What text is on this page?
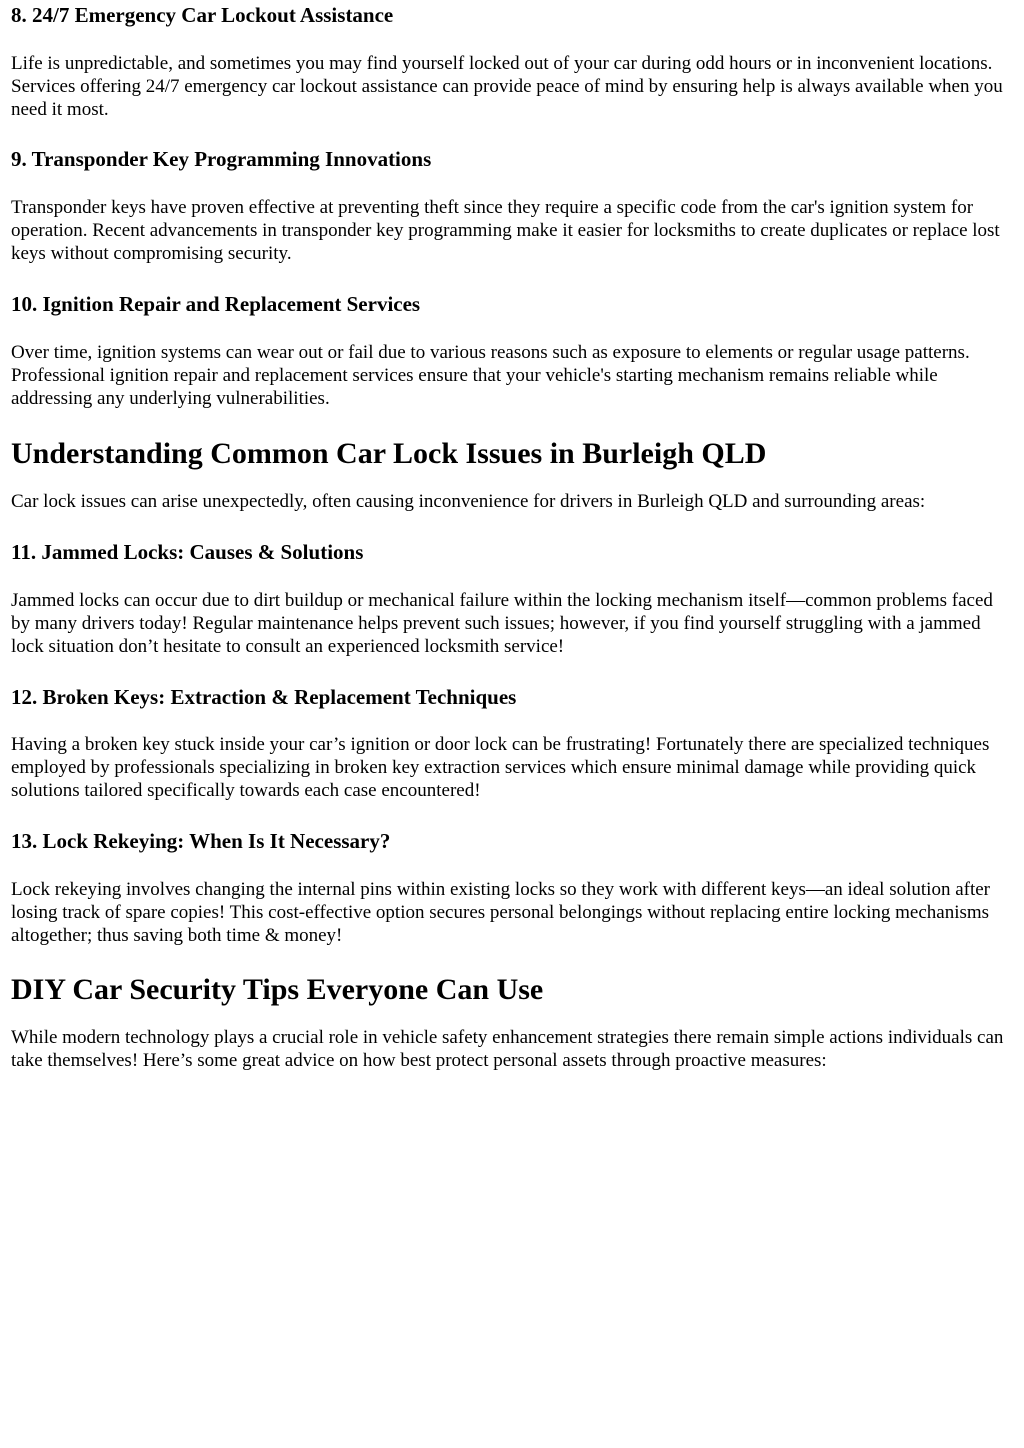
8. 24/7 Emergency Car Lockout Assistance

Life is unpredictable, and sometimes you may find yourself locked out of your car during odd hours or in inconvenient locations. Services offering 24/7 emergency car lockout assistance can provide peace of mind by ensuring help is always available when you need it most.

9. Transponder Key Programming Innovations

Transponder keys have proven effective at preventing theft since they require a specific code from the car's ignition system for operation. Recent advancements in transponder key programming make it easier for locksmiths to create duplicates or replace lost keys without compromising security.

10. Ignition Repair and Replacement Services

Over time, ignition systems can wear out or fail due to various reasons such as exposure to elements or regular usage patterns. Professional ignition repair and replacement services ensure that your vehicle's starting mechanism remains reliable while addressing any underlying vulnerabilities.

Understanding Common Car Lock Issues in Burleigh QLD

Car lock issues can arise unexpectedly, often causing inconvenience for drivers in Burleigh QLD and surrounding areas:

11. Jammed Locks: Causes & Solutions

Jammed locks can occur due to dirt buildup or mechanical failure within the locking mechanism itself—common problems faced by many drivers today! Regular maintenance helps prevent such issues; however, if you find yourself struggling with a jammed lock situation don’t hesitate to consult an experienced locksmith service!

12. Broken Keys: Extraction & Replacement Techniques

Having a broken key stuck inside your car’s ignition or door lock can be frustrating! Fortunately there are specialized techniques employed by professionals specializing in broken key extraction services which ensure minimal damage while providing quick solutions tailored specifically towards each case encountered!

13. Lock Rekeying: When Is It Necessary?

Lock rekeying involves changing the internal pins within existing locks so they work with different keys—an ideal solution after losing track of spare copies! This cost-effective option secures personal belongings without replacing entire locking mechanisms altogether; thus saving both time & money!

DIY Car Security Tips Everyone Can Use

While modern technology plays a crucial role in vehicle safety enhancement strategies there remain simple actions individuals can take themselves! Here’s some great advice on how best protect personal assets through proactive measures:
